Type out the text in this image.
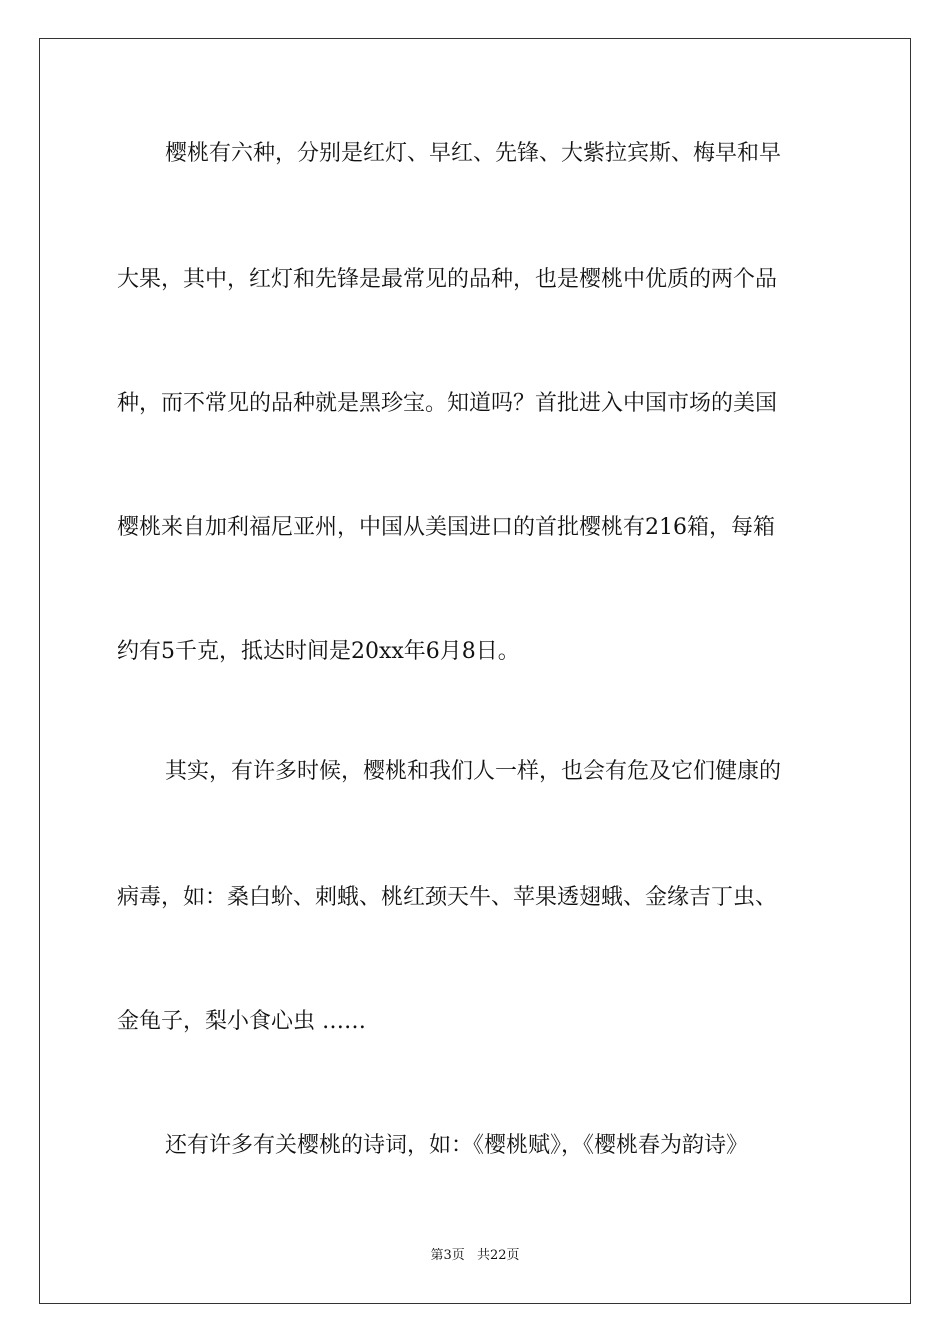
樱桃有六种，分别是红灯、早红、先锋、大紫拉宾斯、梅早和早
大果，其中，红灯和先锋是最常见的品种，也是樱桃中优质的两个品
种，而不常见的品种就是黑珍宝。知道吗？首批进入中国市场的美国
樱桃来自加利福尼亚州，中国从美国进口的首批樱桃有216箱，每箱
约有5千克，抵达时间是20xx年6月8日。
其实，有许多时候，樱桃和我们人一样，也会有危及它们健康的
病毒，如：桑白蚧、刺蛾、桃红颈天牛、苹果透翅蛾、金缘吉丁虫、
金龟子，梨小食心虫 ……
还有许多有关樱桃的诗词，如：《樱桃赋》，《樱桃春为韵诗》
第3页 共22页
